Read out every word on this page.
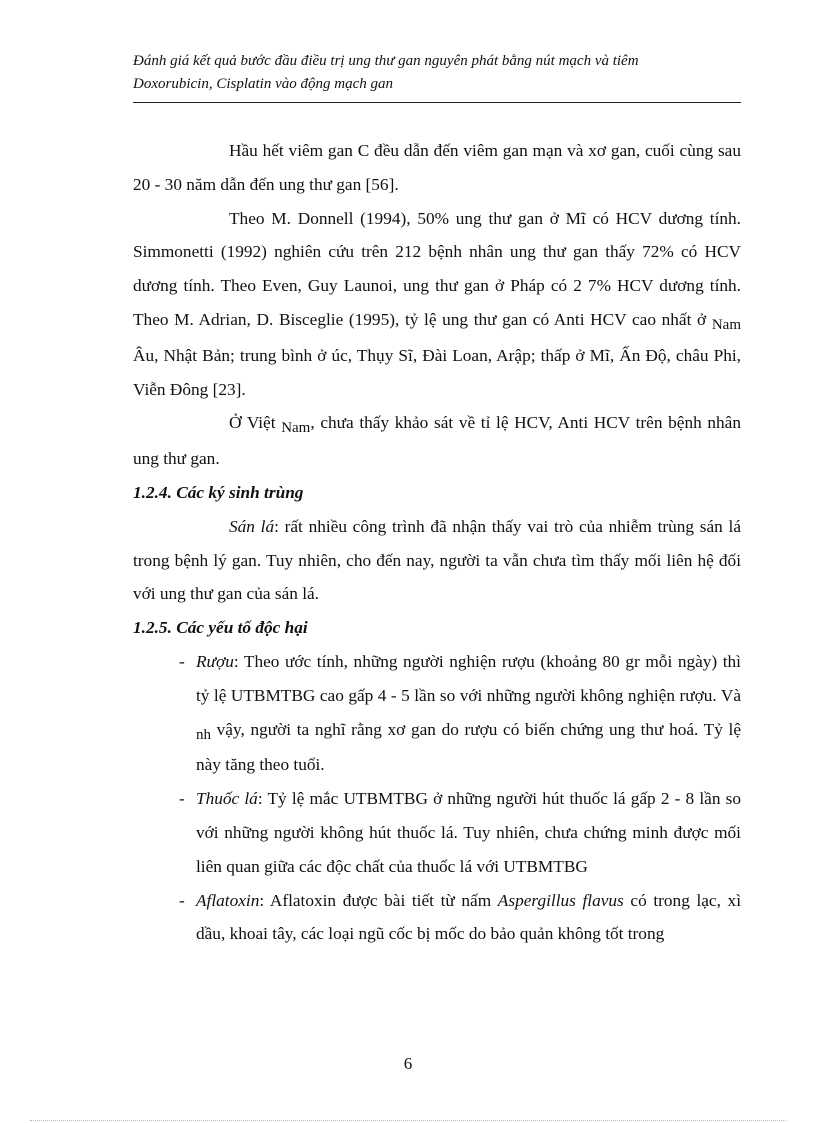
Đánh giá kết quả bước đầu điều trị ung thư gan nguyên phát bằng nút mạch và tiêm
Doxorubicin, Cisplatin vào động mạch gan

Hầu hết viêm gan C đều dẫn đến viêm gan mạn và xơ gan, cuối cùng sau 20 - 30 năm dẫn đến ung thư gan [56].

Theo M. Donnell (1994), 50% ung thư gan ở Mĩ có HCV dương tính. Simmonetti (1992) nghiên cứu trên 212 bệnh nhân ung thư gan thấy 72% có HCV dương tính. Theo Even, Guy Launoi, ung thư gan ở Pháp có 2 7% HCV dương tính. Theo M. Adrian, D. Bisceglie (1995), tỷ lệ ung thư gan có Anti HCV cao nhất ở Nam Âu, Nhật Bản; trung bình ở úc, Thụy Sĩ, Đài Loan, Arập; thấp ở Mĩ, Ấn Độ, châu Phi, Viễn Đông [23].

Ở Việt Nam, chưa thấy khảo sát về tỉ lệ HCV, Anti HCV trên bệnh nhân ung thư gan.

1.2.4. Các ký sinh trùng

Sán lá: rất nhiều công trình đã nhận thấy vai trò của nhiễm trùng sán lá trong bệnh lý gan. Tuy nhiên, cho đến nay, người ta vẫn chưa tìm thấy mối liên hệ đối với ung thư gan của sán lá.

1.2.5. Các yếu tố độc hại

- Rượu: Theo ước tính, những người nghiện rượu (khoảng 80 gr mỗi ngày) thì tỷ lệ UTBMTBG cao gấp 4 - 5 lần so với những người không nghiện rượu. Và nh vậy, người ta nghĩ rằng xơ gan do rượu có biến chứng ung thư hoá. Tỷ lệ này tăng theo tuổi.
- Thuốc lá: Tỷ lệ mắc UTBMTBG ở những người hút thuốc lá gấp 2 - 8 lần so với những người không hút thuốc lá. Tuy nhiên, chưa chứng minh được mối liên quan giữa các độc chất của thuốc lá với UTBMTBG
- Aflatoxin: Aflatoxin được bài tiết từ nấm Aspergillus flavus có trong lạc, xì dầu, khoai tây, các loại ngũ cốc bị mốc do bảo quản không tốt trong
6
